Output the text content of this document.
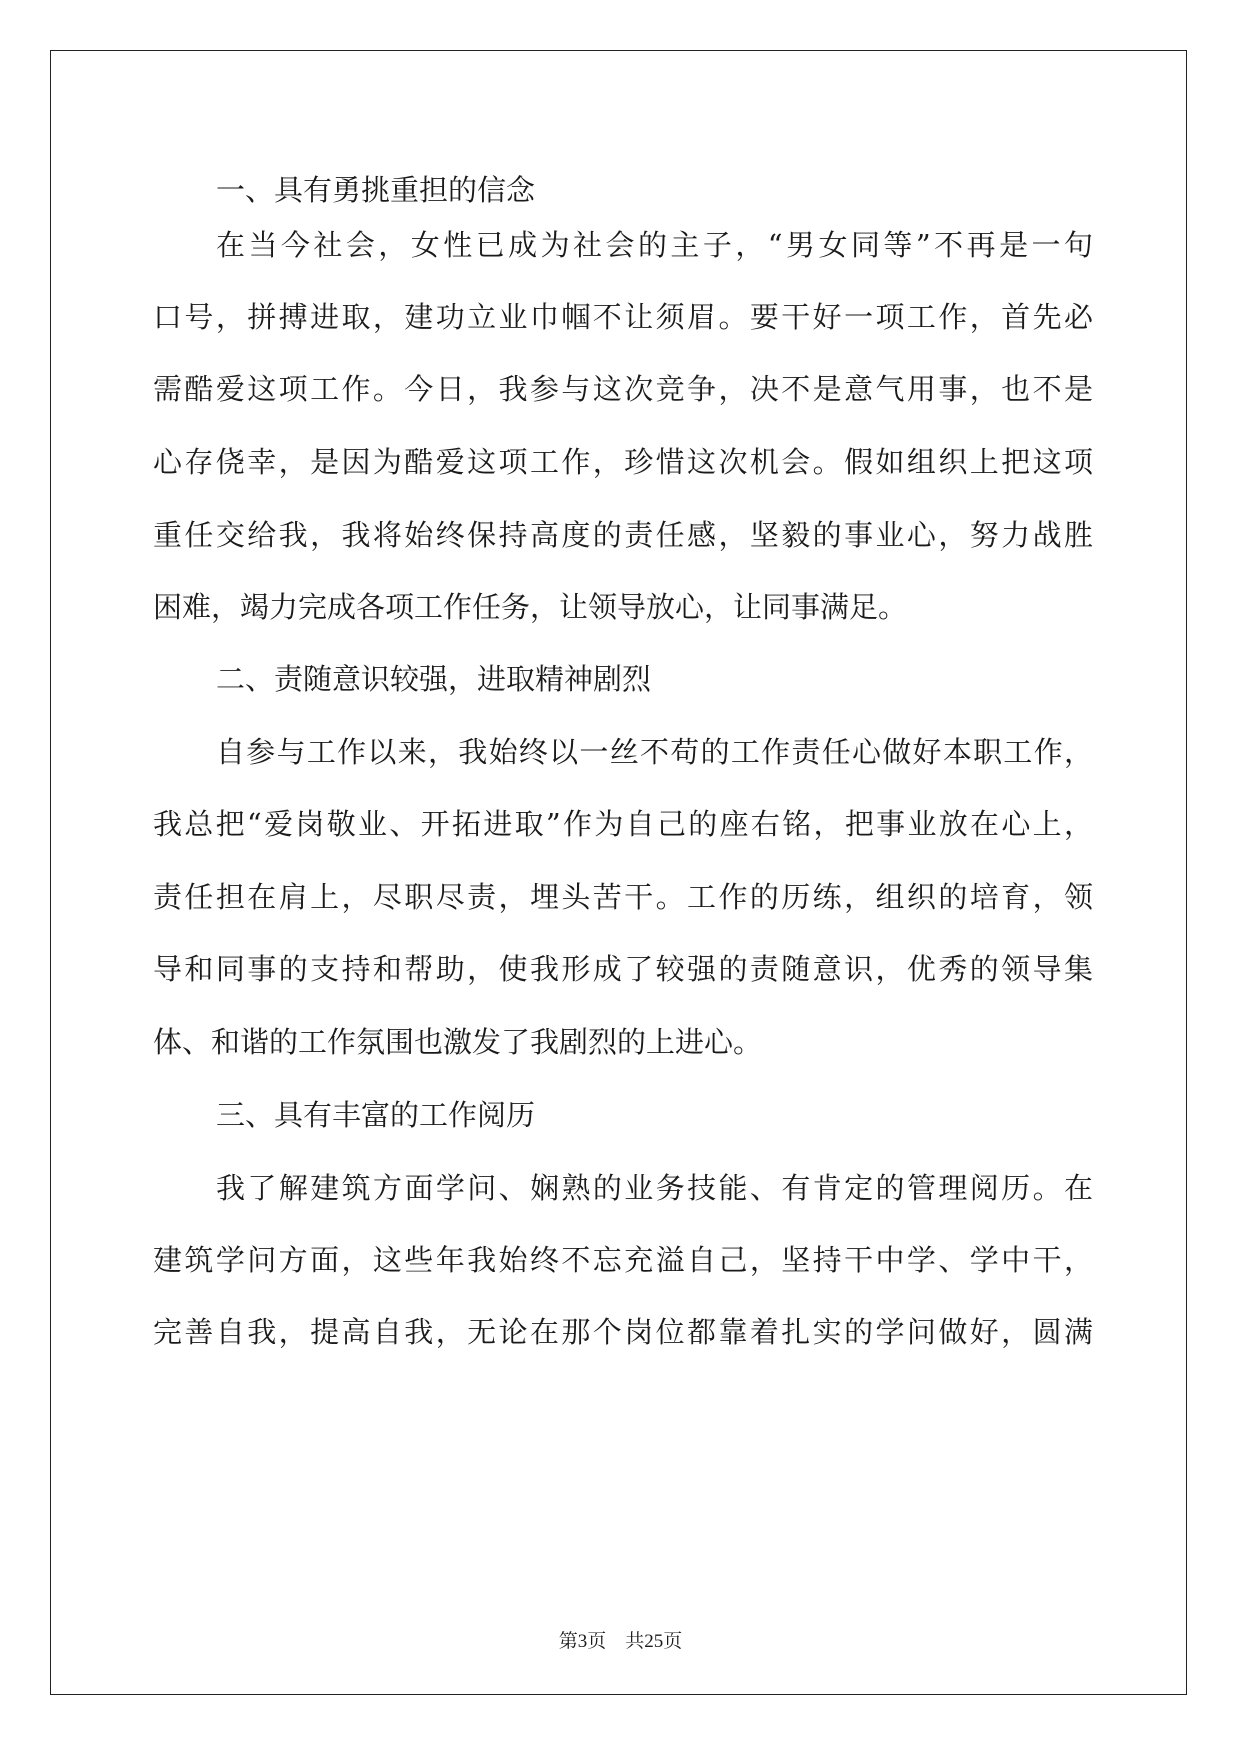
一、具有勇挑重担的信念
在当今社会，女性已成为社会的主子，“男女同等”不再是一句
口号，拼搏进取，建功立业巾帼不让须眉。要干好一项工作，首先必
需酷爱这项工作。今日，我参与这次竞争，决不是意气用事，也不是
心存侥幸，是因为酷爱这项工作，珍惜这次机会。假如组织上把这项
重任交给我，我将始终保持高度的责任感，坚毅的事业心，努力战胜
困难，竭力完成各项工作任务，让领导放心，让同事满足。
二、责随意识较强，进取精神剧烈
自参与工作以来，我始终以一丝不苟的工作责任心做好本职工作，
我总把“爱岗敬业、开拓进取”作为自己的座右铭，把事业放在心上，
责任担在肩上，尽职尽责，埋头苦干。工作的历练，组织的培育，领
导和同事的支持和帮助，使我形成了较强的责随意识，优秀的领导集
体、和谐的工作氛围也激发了我剧烈的上进心。
三、具有丰富的工作阅历
我了解建筑方面学问、娴熟的业务技能、有肯定的管理阅历。在
建筑学问方面，这些年我始终不忘充溢自己，坚持干中学、学中干，
完善自我，提高自我，无论在那个岗位都靠着扎实的学问做好，圆满
第3页 共25页
